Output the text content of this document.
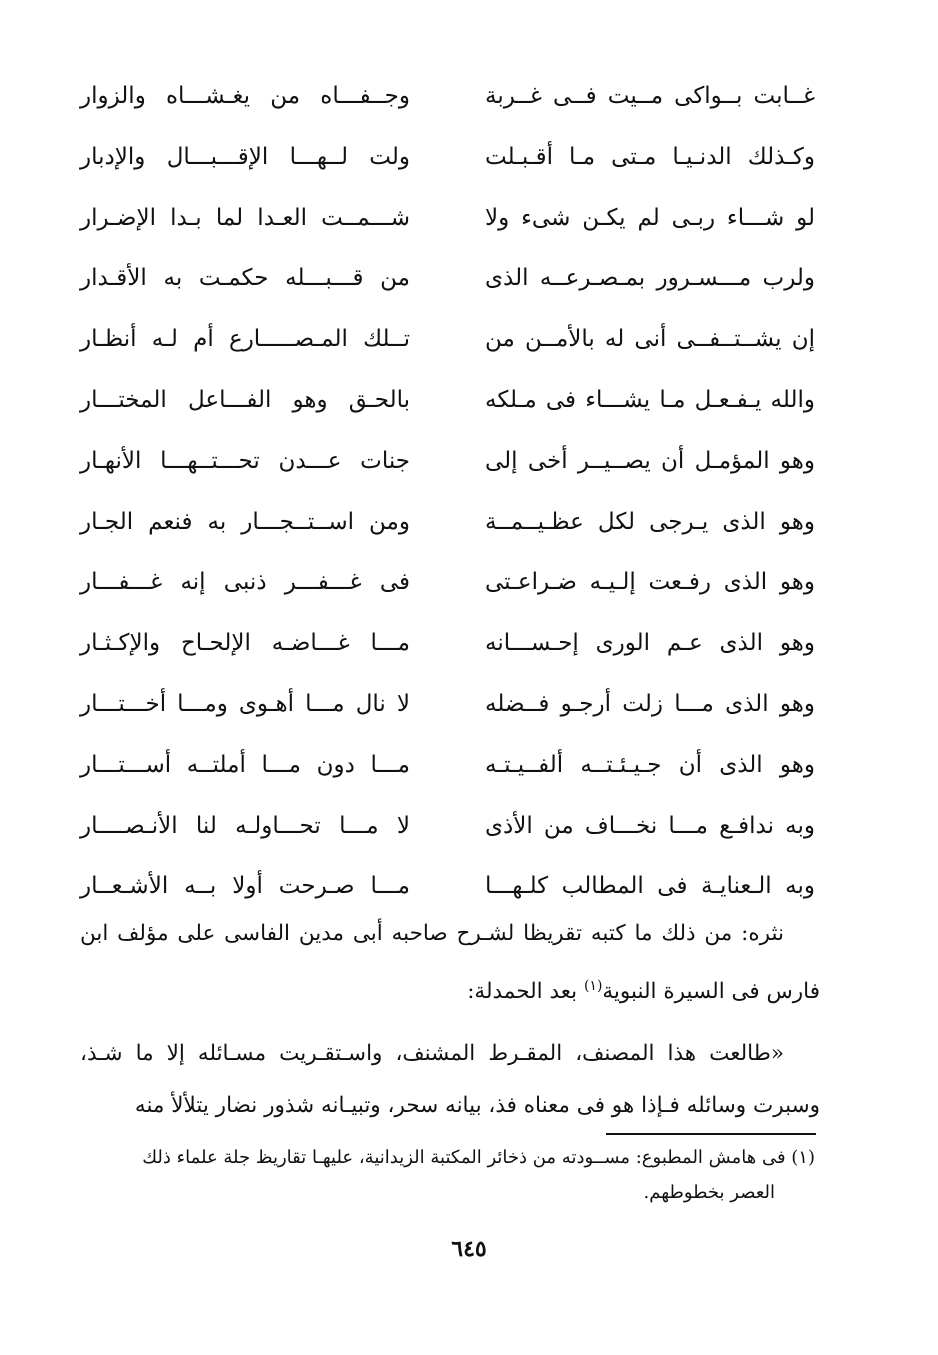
غــابت بــواكى مــيت فــى غــربة
وجــفـــاه من يغـشـــاه والزوار
وكـذلك الدنـيـا مـتى مـا أقـبـلت
ولت لــهـــا الإقـــبـــال والإدبار
لو شـــاء ربـى لم يكـن شىء ولا
شـــمــت العـدا لما بـدا الإضـرار
ولرب مـــسـرور بمـصـرعــه الذى
من قـــبـــله حكمـت به الأقـدار
إن يشــتــفــى أنى له بالأمــن من
تــلك المـصـــــارع أم لـه أنظـار
والله يـفـعـل مـا يشـــاء فى مـلكه
بالحـق وهو الفـــاعل المختـــار
وهو المؤمـل أن يصــيــر أخى إلى
جنات عـــدن تحـــتــهـــا الأنهـار
وهو الذى يـرجى لكل عظـيــمــة
ومن اســتــجـــار به فنعم الجـار
وهو الذى رفـعت إلـيـه ضـراعـتى
فى غـــفـــر ذنبى إنه غـــفـــار
وهو الذى عـم الورى إحـســـانه
مـــا غـــاضـه الإلحـاح والإكـثـار
وهو الذى مـــا زلت أرجـو فــضله
لا نال مـــا أهـوى ومـــا أخـــتـــار
وهو الذى أن جـيـئـتــه ألفــيـتـه
مـــا دون مـــا أملتــه أســـتـــار
وبه ندافـع مـــا نخـــاف من الأذى
لا مـــا تحـــاولـه لنا الأنـصــــار
وبه الـعنايـة فى المطالب كلـهـــا
مـــا صـرحت أولا بــه الأشـعــار

نثره: من ذلك ما كتبه تقريظا لشـرح صاحبه أبى مدين الفاسى على مؤلف ابن فارس فى السيرة النبوية$^{(١)}$ بعد الحمدلة:

«طالعت هذا المصنف، المقـرط المشنف، واسـتقـريت مسـائله إلا ما شـذ، وسبرت وسائله فـإذا هو فى معناه فذ، بيانه سحر، وتبيـانه شذور نضار يتلألأ منه

(١) فى هامش المطبوع: مســودته من ذخائر المكتبة الزيدانية، عليهـا تقاريظ جلة علماء ذلك
العصر بخطوطهم.
٦٤٥
